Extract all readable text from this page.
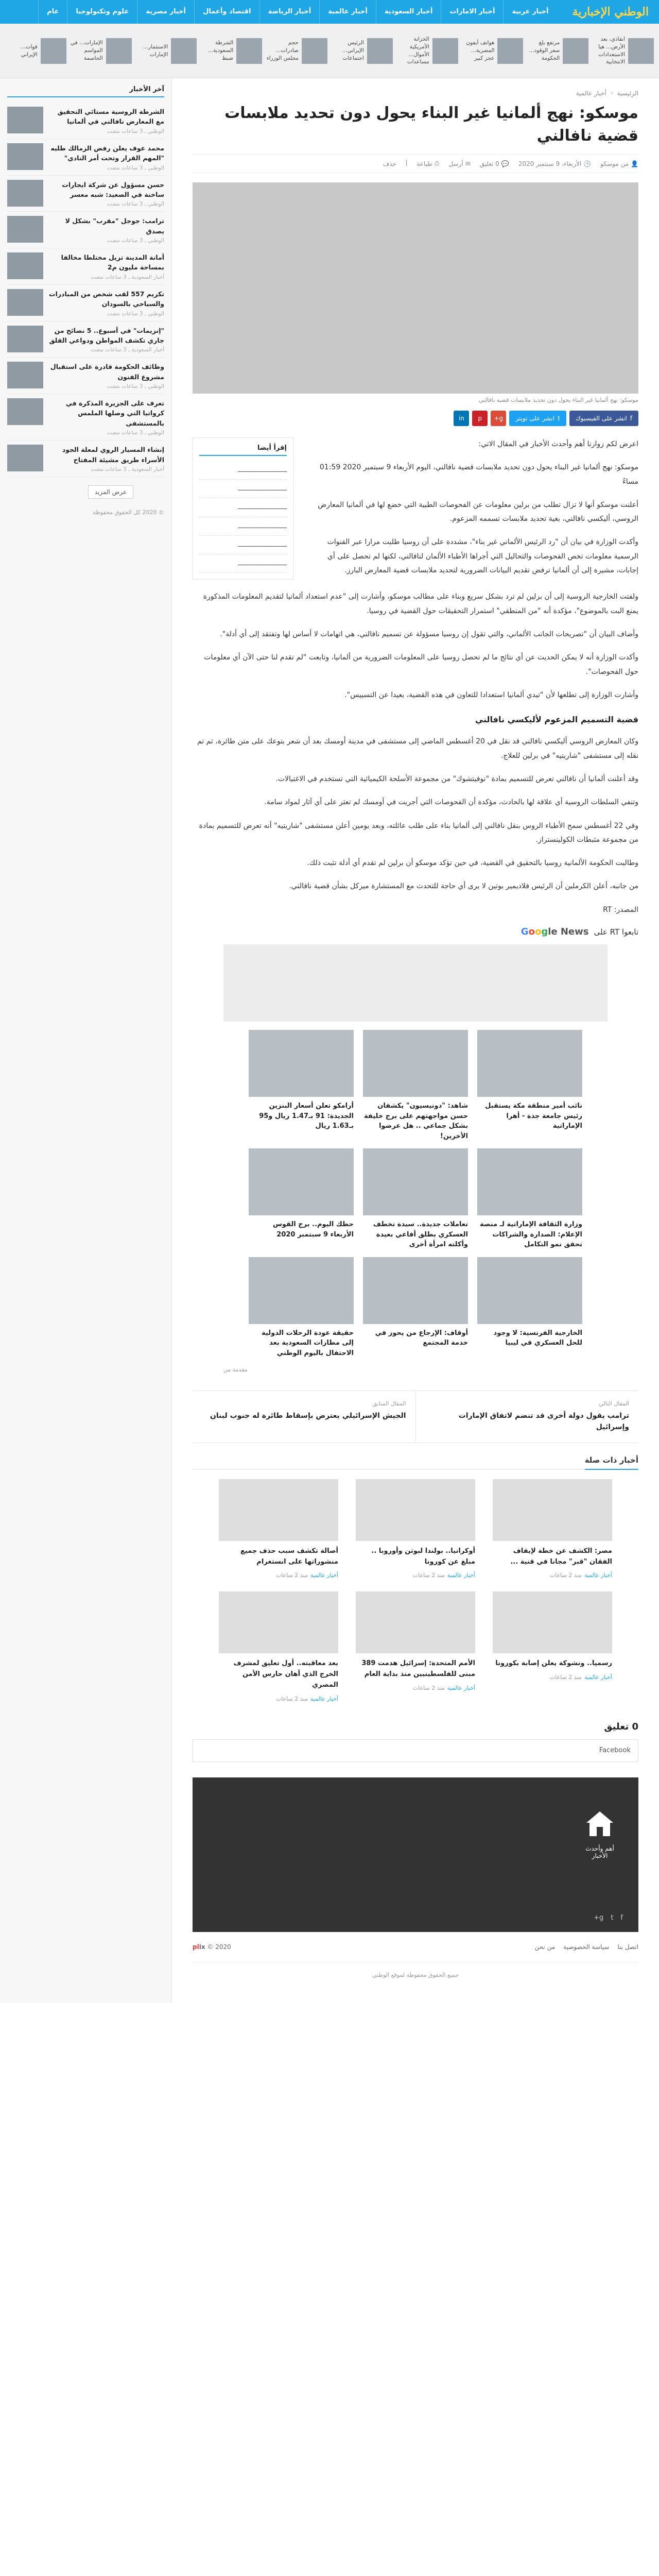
الوطني الإخبارية
أخبار عربية
أخبار الامارات
أخبار السعودية
أخبار عالمية
أخبار الرياضة
اقتصاد وأعمال
أخبار مصرية
علوم وتكنولوجيا
عام
انقاذي، بعد الأرض... هيا الاستعدادات الانتخابية
مرتفع بلغ سعر الوقود... الحكومة
هواتف أيفون المصرية... عجز كبير
الخزانة الأمريكية الأموال... مساعدات
الرئيس الإيراني... اجتماعات
حجم صادرات... مجلس الوزراء
الشرطة السعودية... ضبط
الاستثمار... الإمارات
الإمارات... في المواسم الحاسمة
قوات... الإيراني
الرئيسية
›
أخبار عالمية
موسكو: نهج ألمانيا غير البناء يحول دون تحديد ملابسات قضية نافالني
👤
من موسكو
🕒
الأربعاء، 9 سبتمبر 2020
💬
0 تعليق
✉
أرسل
⎙
طباعة
أ
حذف
موسكو: نهج ألمانيا غير البناء يحول دون تحديد ملابسات قضية نافالني
f
انشر على الفيسبوك
t
انشر على تويتر
g+
p
in

اعرض لكم زوارنا أهم وأحدث الأخبار في المقال الاتي:

موسكو: نهج ألمانيا غير البناء يحول دون تحديد ملابسات قضية نافالني، اليوم الأربعاء 9 سبتمبر 2020 01:59 مساءً

أعلنت موسكو أنها لا تزال تطلب من برلين معلومات عن الفحوصات الطبية التي خضع لها في ألمانيا المعارض الروسي، أليكسي نافالني، بغية تحديد ملابسات تسممه المزعوم.

وأكدت الوزارة في بيان أن "رد الرئيس الألماني غير بناء"، مشددة على أن روسيا طلبت مرارا عبر القنوات الرسمية معلومات تخص الفحوصات والتحاليل التي أجراها الأطباء الألمان لنافالني، لكنها لم تحصل على أي إجابات، مشيرة إلى أن ألمانيا ترفض تقديم البيانات الضرورية لتحديد ملابسات قضية المعارض البارز.

إقرأ أيضا
ـــــــــــــــــــــــــــ
ـــــــــــــــــــــــــــ
ـــــــــــــــــــــــــــ
ـــــــــــــــــــــــــــ
ـــــــــــــــــــــــــــ
ـــــــــــــــــــــــــــ

ولفتت الخارجية الروسية إلى أن برلين لم ترد بشكل سريع وبناء على مطالب موسكو، وأشارت إلى "عدم استعداد ألمانيا لتقديم المعلومات المذكورة يمنع البت بالموضوع"، مؤكدة أنه "من المنطقي" استمرار التحقيقات حول القضية في روسيا.

وأضاف البيان أن "تصريحات الجانب الألماني، والتي تقول إن روسيا مسؤولة عن تسميم نافالني، هي اتهامات لا أساس لها وتفتقد إلى أي أدلة".

وأكدت الوزارة أنه لا يمكن الحديث عن أي نتائج ما لم تحصل روسيا على المعلومات الضرورية من ألمانيا، وتابعت "لم تقدم لنا حتى الآن أي معلومات حول الفحوصات".

وأشارت الوزارة إلى تطلعها لأن "تبدي ألمانيا استعدادا للتعاون في هذه القضية، بعيدا عن التسييس".

قضية التسميم المزعوم لأليكسي نافالني

وكان المعارض الروسي أليكسي نافالني قد نقل في 20 أغسطس الماضي إلى مستشفى في مدينة أومسك بعد أن شعر بتوعك على متن طائرة، ثم تم نقله إلى مستشفى "شاريتيه" في برلين للعلاج.

وقد أعلنت ألمانيا أن نافالني تعرض للتسميم بمادة "نوفيتشوك" من مجموعة الأسلحة الكيميائية التي تستخدم في الاغتيالات.

وتنفي السلطات الروسية أي علاقة لها بالحادث، مؤكدة أن الفحوصات التي أجريت في أومسك لم تعثر على أي آثار لمواد سامة.

وفي 22 أغسطس سمح الأطباء الروس بنقل نافالني إلى ألمانيا بناء على طلب عائلته، وبعد يومين أعلن مستشفى "شاريتيه" أنه تعرض للتسميم بمادة من مجموعة مثبطات الكولينستراز.

وطالبت الحكومة الألمانية روسيا بالتحقيق في القضية، في حين تؤكد موسكو أن برلين لم تقدم أي أدلة تثبت ذلك.

من جانبه، أعلن الكرملين أن الرئيس فلاديمير بوتين لا يرى أي حاجة للتحدث مع المستشارة ميركل بشأن قضية نافالني.

المصدر: RT

تابعوا RT على
Google News
نائب أمير منطقة مكة يستقبل رئيس جامعة جدة - أهرا الإماراتية
شاهد: "دونيسيون" يكشفان حسن مواجهتهم على برج خليفة بشكل جماعي .. هل عرضوا الأخرين!
أرامكو تعلن أسعار البنزين الجديدة: 91 بـ1.47 ريال و95 بـ1.63 ريال
وزارة الثقافة الإماراتية لـ منصة الإعلام: الصدارة والشراكات تحقق نمو التكامل
تعاملات جديدة.. سيدة تخطف العسكري بطلق أفاعي بعيدة وأكلته امرأة أخرى
حظك اليوم.. برج القوس الأربعاء 9 سبتمبر 2020
الخارجية الفرنسية: لا وجود للحل العسكري في ليبيا
أوقاف: الإرجاع من يحوز في خدمة المجتمع
حقيقة عودة الرحلات الدولية إلى مطارات السعودية بعد الاحتفال باليوم الوطني
مقدمة من
المقال التالي
ترامب يقول دولة أخرى قد تنضم لاتفاق الإمارات وإسرائيل
المقال السابق
الجيش الإسرائيلي يعترض بإسقاط طائرة له جنوب لبنان
أخبار ذات صلة
مصر: الكشف عن خطة لإيقاف الفقان "قبر" مجانا في قنية ...
أخبار عالمية منذ 2 ساعات
أوكرانيا.. بولندا لبوتن وأوروبا .. مبلغ عن كورونا
أخبار عالمية منذ 2 ساعات
أصالة تكشف سبب حذف جميع منشوراتها على انستغرام
أخبار عالمية منذ 2 ساعات
رسميا.. ونشوكة يعلن إصابة بكورونا
أخبار عالمية منذ 2 ساعات
الأمم المتحدة: إسرائيل هدمت 389 مبنى للفلسطينيين منذ بداية العام
أخبار عالمية منذ 2 ساعات
بعد معاقبته.. أول تعليق لمشرف الخرج الذي أهان حارس الأمن المصري
أخبار عالمية منذ 2 ساعات
0 تعليق
Facebook
أهم وأحدث الأخبار
f
t
g+
اتصل بنا
سياسة الخصوصية
من نحن
plix © 2020
جميع الحقوق محفوظة لموقع الوطني
آخر الأخبار
الشرطة الروسية مستائي التحقيق مع المعارض نافالني في ألمانيا
الوطني ـ 3 ساعات مضت
محمد عوف يعلن رفض الزمالك طلبه "المهم القرار وتحت أمر النادي"
الوطني ـ 3 ساعات مضت
حسن مسؤول عن شركة ايجارات ساخنة في الصعيد: شبه معسر
الوطني ـ 3 ساعات مضت
ترامب: جوجل "مقرب" بشكل لا يصدق
الوطني ـ 3 ساعات مضت
أمانة المدينة تزيل مختلطا مخالفا بمساحة مليون م2
أخبار السعودية ـ 3 ساعات مضت
تكريم 557 لقب شخص من المبادرات والسياحي بالسودان
الوطني ـ 3 ساعات مضت
"إنزيمات" في أسبوع.. 5 نصائح من جاري تكشف المواطن ودواعي القلق
أخبار السعودية ـ 3 ساعات مضت
وظائف الحكومة قادرة على استقبال مشروع الفنون
الوطني ـ 3 ساعات مضت
تعرف على الجزيرة المذكرة في كرواتيا التي وصلها الملمس بالمستشفى
الوطني ـ 3 ساعات مضت
إنشاء المسيار الروي لمعلة الجود الأسراء طريق مشيئة المفتاح
أخبار السعودية ـ 3 ساعات مضت
عرض المزيد
© 2020 كل الحقوق محفوظة
